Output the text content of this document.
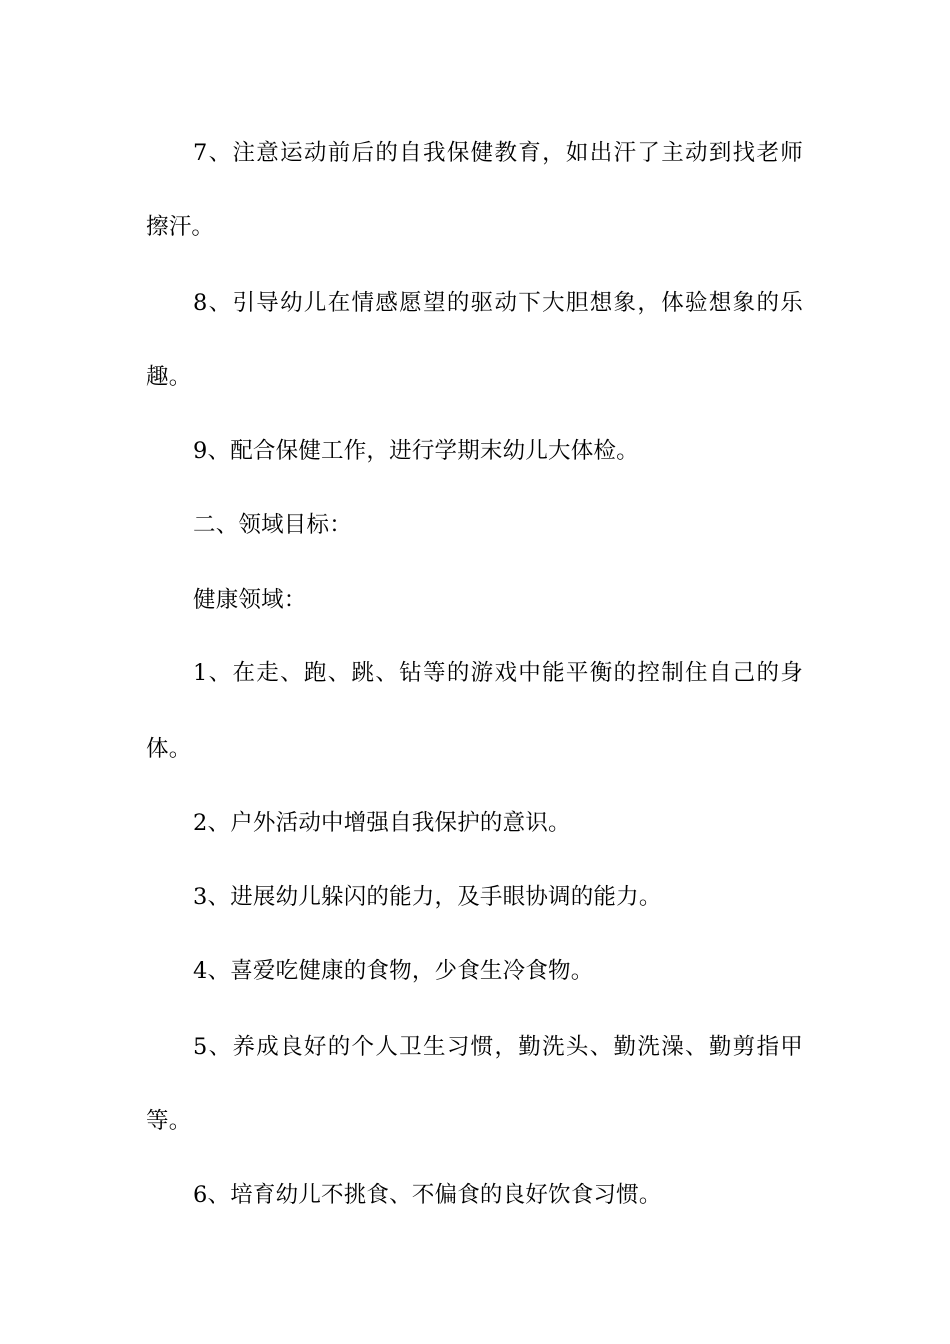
7、注意运动前后的自我保健教育，如出汗了主动到找老师
擦汗。
8、引导幼儿在情感愿望的驱动下大胆想象，体验想象的乐
趣。
9、配合保健工作，进行学期末幼儿大体检。
二、领域目标：
健康领域：
1、在走、跑、跳、钻等的游戏中能平衡的控制住自己的身
体。
2、户外活动中增强自我保护的意识。
3、进展幼儿躲闪的能力，及手眼协调的能力。
4、喜爱吃健康的食物，少食生冷食物。
5、养成良好的个人卫生习惯，勤洗头、勤洗澡、勤剪指甲
等。
6、培育幼儿不挑食、不偏食的良好饮食习惯。
